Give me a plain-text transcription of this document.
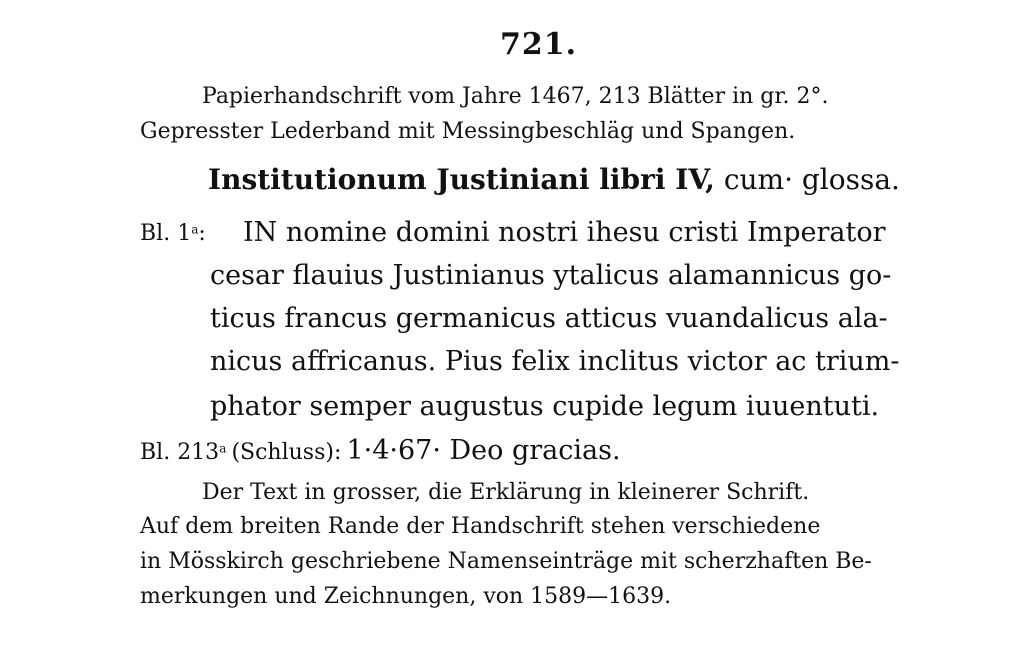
721.
Papierhandschrift vom Jahre 1467, 213 Blätter in gr. 2°.
Gepresster Lederband mit Messingbeschläg und Spangen.
Institutionum Justiniani libri IV, cum· glossa.
Bl. 1$^a$: IN nomine domini nostri ihesu cristi Imperator
cesar flauius Justinianus ytalicus alamannicus go-
ticus francus germanicus atticus vuandalicus ala-
nicus affricanus. Pius felix inclitus victor ac trium-
phator semper augustus cupide legum iuuentuti.
Bl. 213$^a$ (Schluss): 1·4·67· Deo gracias.
Der Text in grosser, die Erklärung in kleinerer Schrift.
Auf dem breiten Rande der Handschrift stehen verschiedene
in Mösskirch geschriebene Namenseinträge mit scherzhaften Be-
merkungen und Zeichnungen, von 1589—1639.
